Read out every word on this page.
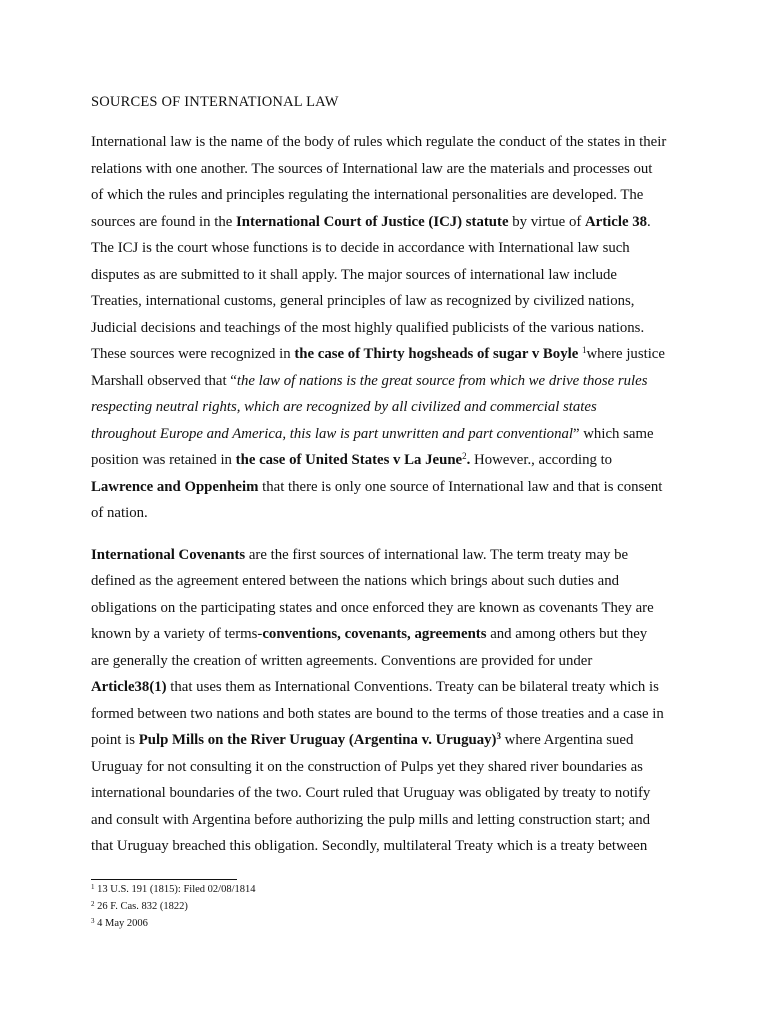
SOURCES OF INTERNATIONAL LAW
International law is the name of the body of rules which regulate the conduct of the states in their
relations with one another. The sources of International law are the materials and processes out
of which the rules and principles regulating the international personalities are developed. The
sources are found in the International Court of Justice (ICJ) statute by virtue of Article 38.
The ICJ is the court whose functions is to decide in accordance with International law such
disputes as are submitted to it shall apply. The major sources of international law include
Treaties, international customs, general principles of law as recognized by civilized nations,
Judicial decisions and teachings of the most highly qualified publicists of the various nations.
These sources were recognized in the case of Thirty hogsheads of sugar v Boyle $^1$where justice
Marshall observed that “the law of nations is the great source from which we drive those rules
respecting neutral rights, which are recognized by all civilized and commercial states
throughout Europe and America, this law is part unwritten and part conventional” which same
position was retained in the case of United States v La Jeune$^2$. However., according to
Lawrence and Oppenheim that there is only one source of International law and that is consent
of nation.
International Covenants are the first sources of international law. The term treaty may be
defined as the agreement entered between the nations which brings about such duties and
obligations on the participating states and once enforced they are known as covenants They are
known by a variety of terms-conventions, covenants, agreements and among others but they
are generally the creation of written agreements. Conventions are provided for under
Article38(1) that uses them as International Conventions. Treaty can be bilateral treaty which is
formed between two nations and both states are bound to the terms of those treaties and a case in
point is Pulp Mills on the River Uruguay (Argentina v. Uruguay)$^3$ where Argentina sued
Uruguay for not consulting it on the construction of Pulps yet they shared river boundaries as
international boundaries of the two. Court ruled that Uruguay was obligated by treaty to notify
and consult with Argentina before authorizing the pulp mills and letting construction start; and
that Uruguay breached this obligation. Secondly, multilateral Treaty which is a treaty between
$^1$ 13 U.S. 191 (1815): Filed 02/08/1814
$^2$ 26 F. Cas. 832 (1822)
$^3$ 4 May 2006
